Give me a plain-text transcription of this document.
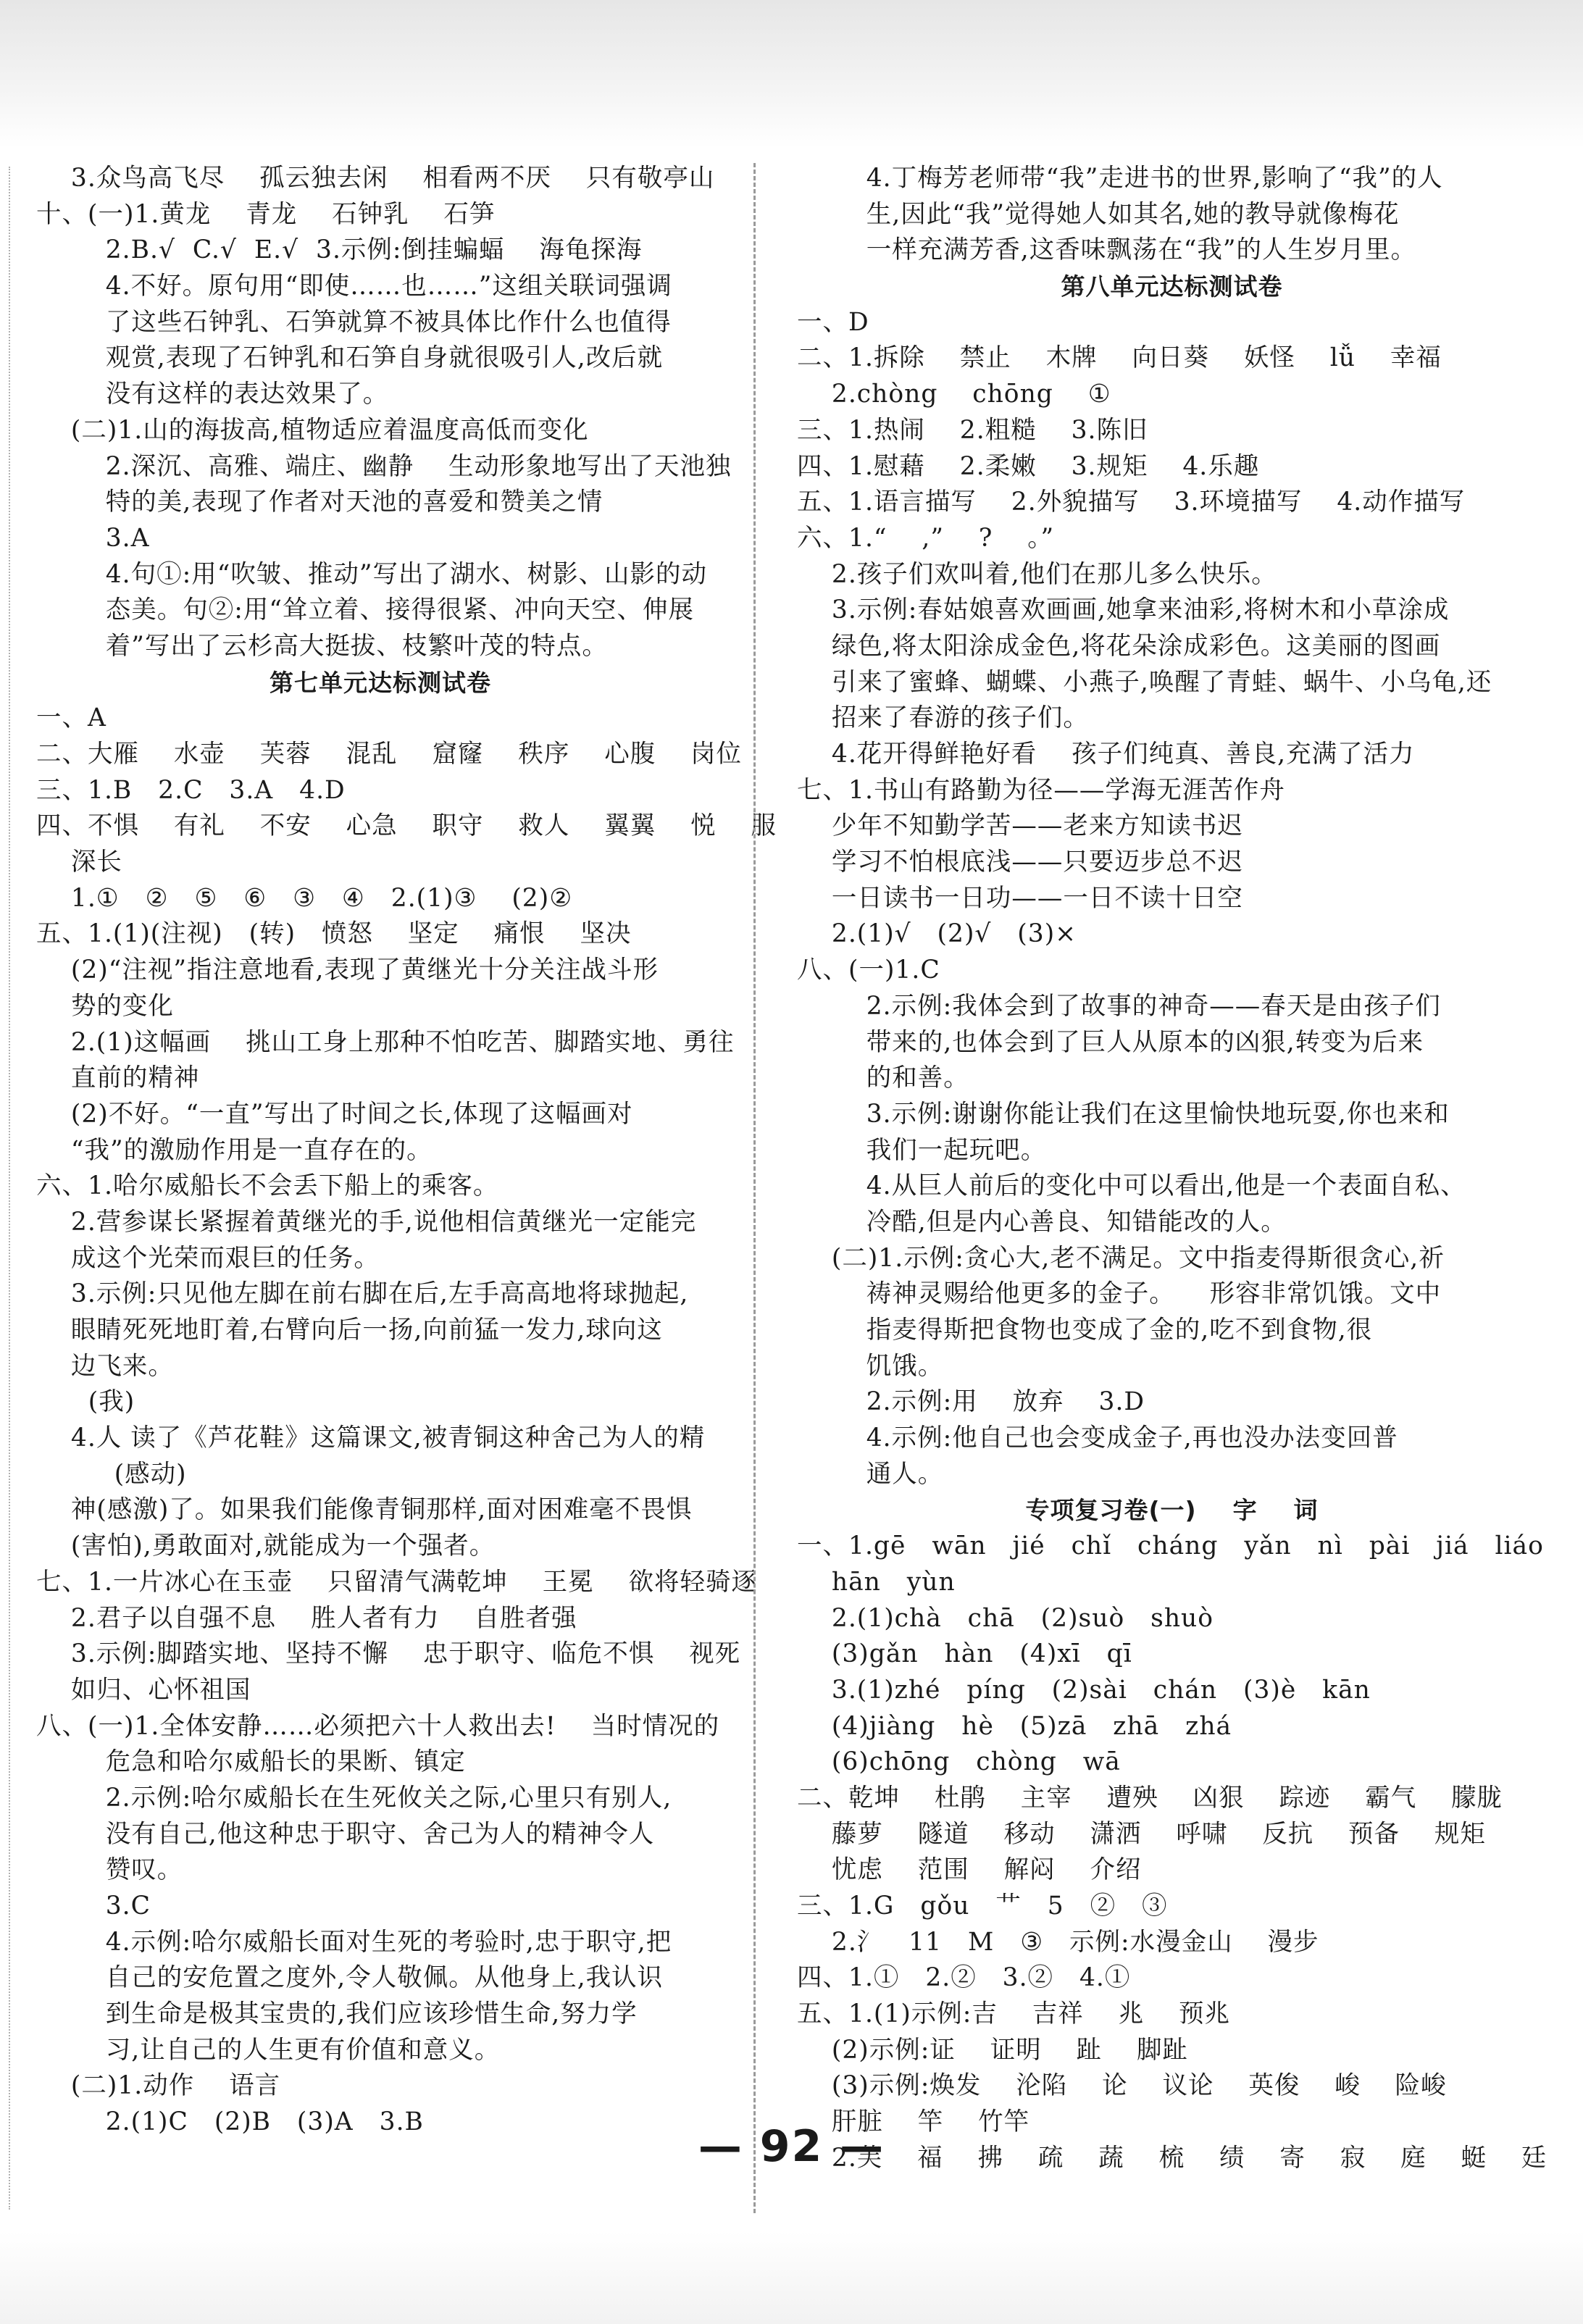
3.众鸟高飞尽    孤云独去闲    相看两不厌    只有敬亭山
十、(一)1.黄龙    青龙    石钟乳    石笋
2.B.√  C.√  E.√  3.示例:倒挂蝙蝠    海龟探海
4.不好。原句用“即使……也……”这组关联词强调
了这些石钟乳、石笋就算不被具体比作什么也值得
观赏,表现了石钟乳和石笋自身就很吸引人,改后就
没有这样的表达效果了。
(二)1.山的海拔高,植物适应着温度高低而变化
2.深沉、高雅、端庄、幽静    生动形象地写出了天池独
特的美,表现了作者对天池的喜爱和赞美之情
3.A
4.句①:用“吹皱、推动”写出了湖水、树影、山影的动
态美。句②:用“耸立着、接得很紧、冲向天空、伸展
着”写出了云杉高大挺拔、枝繁叶茂的特点。
第七单元达标测试卷
一、A
二、大雁    水壶    芙蓉    混乱    窟窿    秩序    心腹    岗位
三、1.B   2.C   3.A   4.D
四、不惧    有礼    不安    心急    职守    救人    翼翼    悦    服
深长
1.①   ②   ⑤   ⑥   ③   ④   2.(1)③    (2)②
五、1.(1)(注视)   (转)   愤怒    坚定    痛恨    坚决
(2)“注视”指注意地看,表现了黄继光十分关注战斗形
势的变化
2.(1)这幅画    挑山工身上那种不怕吃苦、脚踏实地、勇往
直前的精神
(2)不好。“一直”写出了时间之长,体现了这幅画对
“我”的激励作用是一直存在的。
六、1.哈尔威船长不会丢下船上的乘客。
2.营参谋长紧握着黄继光的手,说他相信黄继光一定能完
成这个光荣而艰巨的任务。
3.示例:只见他左脚在前右脚在后,左手高高地将球抛起,
眼睛死死地盯着,右臂向后一扬,向前猛一发力,球向这
边飞来。
(我)
4.人 读了《芦花鞋》这篇课文,被青铜这种舍己为人的精
(感动)
神(感激)了。如果我们能像青铜那样,面对困难毫不畏惧
(害怕),勇敢面对,就能成为一个强者。
七、1.一片冰心在玉壶    只留清气满乾坤    王冕    欲将轻骑逐
2.君子以自强不息    胜人者有力    自胜者强
3.示例:脚踏实地、坚持不懈    忠于职守、临危不惧    视死
如归、心怀祖国
八、(一)1.全体安静……必须把六十人救出去!    当时情况的
危急和哈尔威船长的果断、镇定
2.示例:哈尔威船长在生死攸关之际,心里只有别人,
没有自己,他这种忠于职守、舍己为人的精神令人
赞叹。
3.C
4.示例:哈尔威船长面对生死的考验时,忠于职守,把
自己的安危置之度外,令人敬佩。从他身上,我认识
到生命是极其宝贵的,我们应该珍惜生命,努力学
习,让自己的人生更有价值和意义。
(二)1.动作    语言
2.(1)C   (2)B   (3)A   3.B
4.丁梅芳老师带“我”走进书的世界,影响了“我”的人
生,因此“我”觉得她人如其名,她的教导就像梅花
一样充满芳香,这香味飘荡在“我”的人生岁月里。
第八单元达标测试卷
一、D
二、1.拆除    禁止    木牌    向日葵    妖怪    lǚ    幸福
2.chòng    chōng    ①
三、1.热闹    2.粗糙    3.陈旧
四、1.慰藉    2.柔嫩    3.规矩    4.乐趣
五、1.语言描写    2.外貌描写    3.环境描写    4.动作描写
六、1.“    ,”    ?    。”
2.孩子们欢叫着,他们在那儿多么快乐。
3.示例:春姑娘喜欢画画,她拿来油彩,将树木和小草涂成
绿色,将太阳涂成金色,将花朵涂成彩色。这美丽的图画
引来了蜜蜂、蝴蝶、小燕子,唤醒了青蛙、蜗牛、小乌龟,还
招来了春游的孩子们。
4.花开得鲜艳好看    孩子们纯真、善良,充满了活力
七、1.书山有路勤为径——学海无涯苦作舟
少年不知勤学苦——老来方知读书迟
学习不怕根底浅——只要迈步总不迟
一日读书一日功——一日不读十日空
2.(1)√   (2)√   (3)×
八、(一)1.C
2.示例:我体会到了故事的神奇——春天是由孩子们
带来的,也体会到了巨人从原本的凶狠,转变为后来
的和善。
3.示例:谢谢你能让我们在这里愉快地玩耍,你也来和
我们一起玩吧。
4.从巨人前后的变化中可以看出,他是一个表面自私、
冷酷,但是内心善良、知错能改的人。
(二)1.示例:贪心大,老不满足。文中指麦得斯很贪心,祈
祷神灵赐给他更多的金子。    形容非常饥饿。文中
指麦得斯把食物也变成了金的,吃不到食物,很
饥饿。
2.示例:用    放弃    3.D
4.示例:他自己也会变成金子,再也没办法变回普
通人。
专项复习卷(一)    字    词
一、1.gē   wān   jié   chǐ   cháng   yǎn   nì   pài   jiá   liáo
hān   yùn
2.(1)chà   chā   (2)suò   shuò
(3)gǎn   hàn   (4)xī   qī
3.(1)zhé   píng   (2)sài   chán   (3)è   kān
(4)jiàng   hè   (5)zā   zhā   zhá
(6)chōng   chòng   wā
二、乾坤    杜鹃    主宰    遭殃    凶狠    踪迹    霸气    朦胧
藤萝    隧道    移动    潇洒    呼啸    反抗    预备    规矩
忧虑    范围    解闷    介绍
三、1.G   gǒu   艹   5   ②   ③
2.氵   11   M   ③   示例:水漫金山    漫步
四、1.①   2.②   3.②   4.①
五、1.(1)示例:吉    吉祥    兆    预兆
(2)示例:证    证明    趾    脚趾
(3)示例:焕发    沦陷    论    议论    英俊    峻    险峻
肝脏    竿    竹竿
2.芙    福    拂    疏    蔬    梳    绩    寄    寂    庭    蜓    廷
— 92 —
